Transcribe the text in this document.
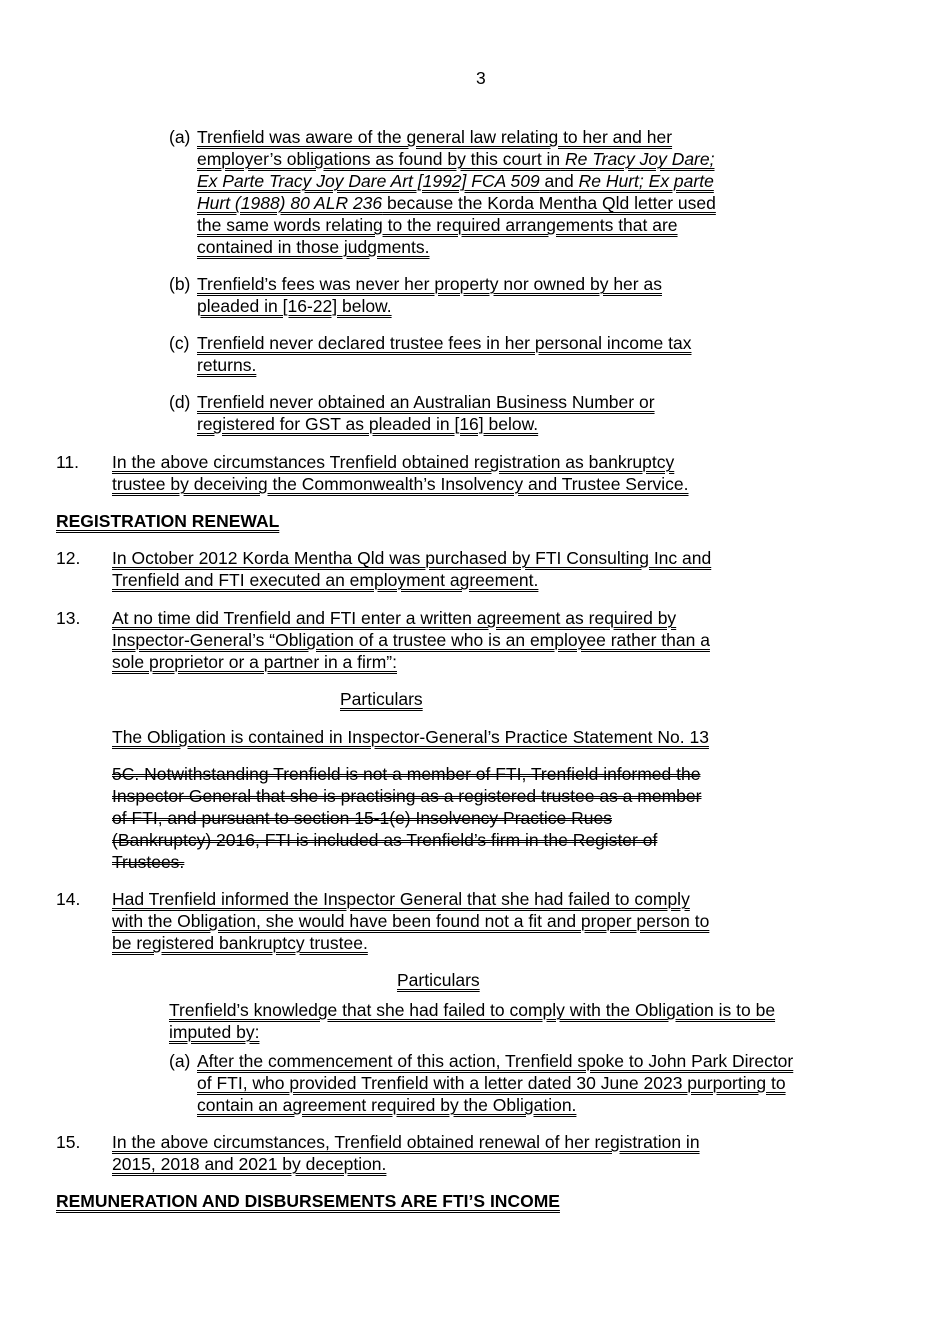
3
(a) Trenfield was aware of the general law relating to her and her
employer’s obligations as found by this court in Re Tracy Joy Dare;
Ex Parte Tracy Joy Dare Art [1992] FCA 509 and Re Hurt; Ex parte
Hurt (1988) 80 ALR 236 because the Korda Mentha Qld letter used
the same words relating to the required arrangements that are
contained in those judgments.
(b) Trenfield’s fees was never her property nor owned by her as
pleaded in [16-22] below.
(c) Trenfield never declared trustee fees in her personal income tax
returns.
(d) Trenfield never obtained an Australian Business Number or
registered for GST as pleaded in [16] below.
11. In the above circumstances Trenfield obtained registration as bankruptcy
trustee by deceiving the Commonwealth’s Insolvency and Trustee Service.
REGISTRATION RENEWAL
12. In October 2012 Korda Mentha Qld was purchased by FTI Consulting Inc and
Trenfield and FTI executed an employment agreement.
13. At no time did Trenfield and FTI enter a written agreement as required by
Inspector-General’s “Obligation of a trustee who is an employee rather than a
sole proprietor or a partner in a firm”:
Particulars
The Obligation is contained in Inspector-General’s Practice Statement No. 13
5C. Notwithstanding Trenfield is not a member of FTI, Trenfield informed the
Inspector General that she is practising as a registered trustee as a member
of FTI, and pursuant to section 15-1(e) Insolvency Practice Rues
(Bankruptcy) 2016, FTI is included as Trenfield’s firm in the Register of
Trustees.
14. Had Trenfield informed the Inspector General that she had failed to comply
with the Obligation, she would have been found not a fit and proper person to
be registered bankruptcy trustee.
Particulars
Trenfield’s knowledge that she had failed to comply with the Obligation is to be
imputed by:
(a) After the commencement of this action, Trenfield spoke to John Park Director
of FTI, who provided Trenfield with a letter dated 30 June 2023 purporting to
contain an agreement required by the Obligation.
15. In the above circumstances, Trenfield obtained renewal of her registration in
2015, 2018 and 2021 by deception.
REMUNERATION AND DISBURSEMENTS ARE FTI’S INCOME
